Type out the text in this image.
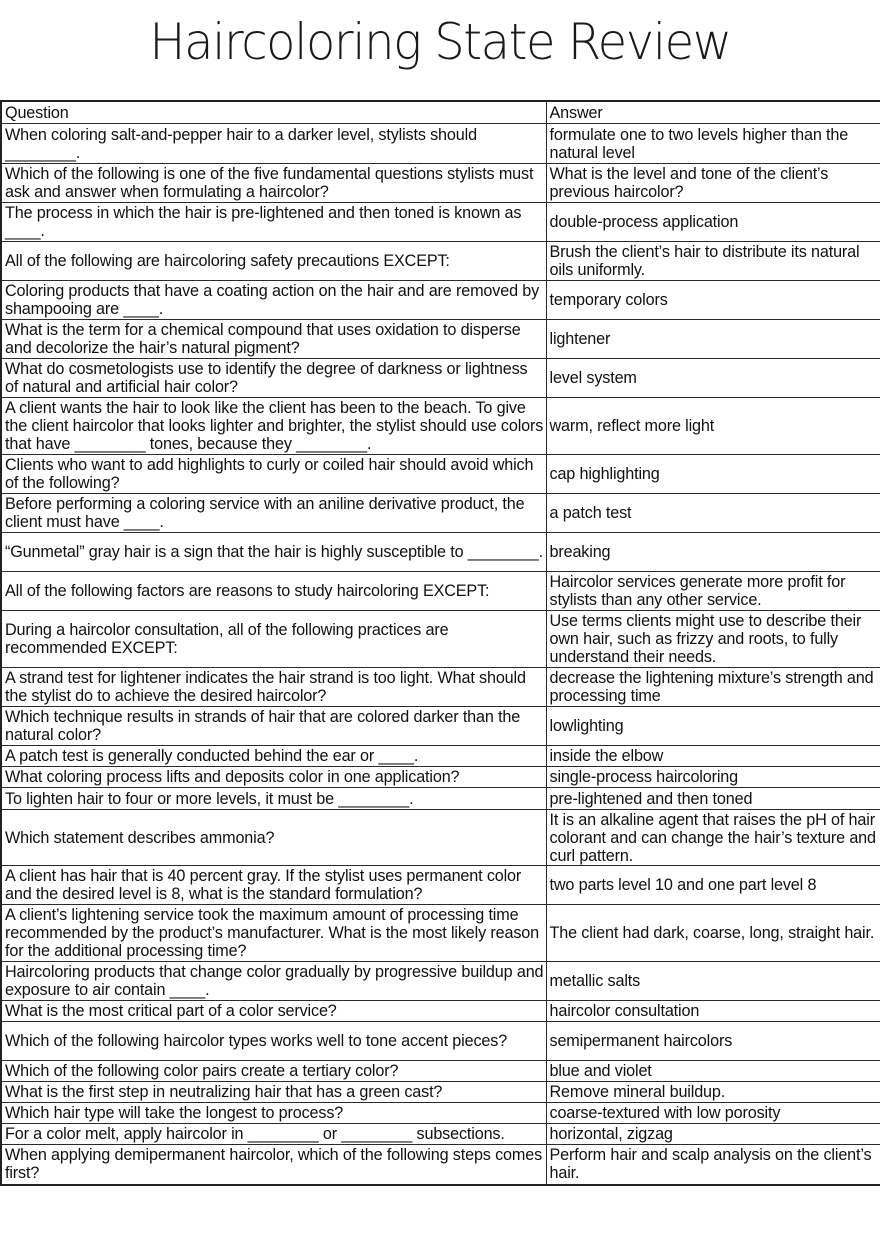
Haircoloring State Review
Question	Answer
When coloring salt-and-pepper hair to a darker level, stylists should ________.	formulate one to two levels higher than the natural level
Which of the following is one of the five fundamental questions stylists must ask and answer when formulating a haircolor?	What is the level and tone of the client’s previous haircolor?
The process in which the hair is pre-lightened and then toned is known as ____.	double-process application
All of the following are haircoloring safety precautions EXCEPT:	Brush the client’s hair to distribute its natural oils uniformly.
Coloring products that have a coating action on the hair and are removed by shampooing are ____.	temporary colors
What is the term for a chemical compound that uses oxidation to disperse and decolorize the hair’s natural pigment?	lightener
What do cosmetologists use to identify the degree of darkness or lightness of natural and artificial hair color?	level system
A client wants the hair to look like the client has been to the beach. To give the client haircolor that looks lighter and brighter, the stylist should use colors that have ________ tones, because they ________.	warm, reflect more light
Clients who want to add highlights to curly or coiled hair should avoid which of the following?	cap highlighting
Before performing a coloring service with an aniline derivative product, the client must have ____.	a patch test
“Gunmetal” gray hair is a sign that the hair is highly susceptible to ________.	breaking
All of the following factors are reasons to study haircoloring EXCEPT:	Haircolor services generate more profit for stylists than any other service.
During a haircolor consultation, all of the following practices are recommended EXCEPT:	Use terms clients might use to describe their own hair, such as frizzy and roots, to fully understand their needs.
A strand test for lightener indicates the hair strand is too light. What should the stylist do to achieve the desired haircolor?	decrease the lightening mixture’s strength and processing time
Which technique results in strands of hair that are colored darker than the natural color?	lowlighting
A patch test is generally conducted behind the ear or ____.	inside the elbow
What coloring process lifts and deposits color in one application?	single-process haircoloring
To lighten hair to four or more levels, it must be ________.	pre-lightened and then toned
Which statement describes ammonia?	It is an alkaline agent that raises the pH of hair colorant and can change the hair’s texture and curl pattern.
A client has hair that is 40 percent gray. If the stylist uses permanent color and the desired level is 8, what is the standard formulation?	two parts level 10 and one part level 8
A client’s lightening service took the maximum amount of processing time recommended by the product’s manufacturer. What is the most likely reason for the additional processing time?	The client had dark, coarse, long, straight hair.
Haircoloring products that change color gradually by progressive buildup and exposure to air contain ____.	metallic salts
What is the most critical part of a color service?	haircolor consultation
Which of the following haircolor types works well to tone accent pieces?	semipermanent haircolors
Which of the following color pairs create a tertiary color?	blue and violet
What is the first step in neutralizing hair that has a green cast?	Remove mineral buildup.
Which hair type will take the longest to process?	coarse-textured with low porosity
For a color melt, apply haircolor in ________ or ________ subsections.	horizontal, zigzag
When applying demipermanent haircolor, which of the following steps comes first?	Perform hair and scalp analysis on the client’s hair.
